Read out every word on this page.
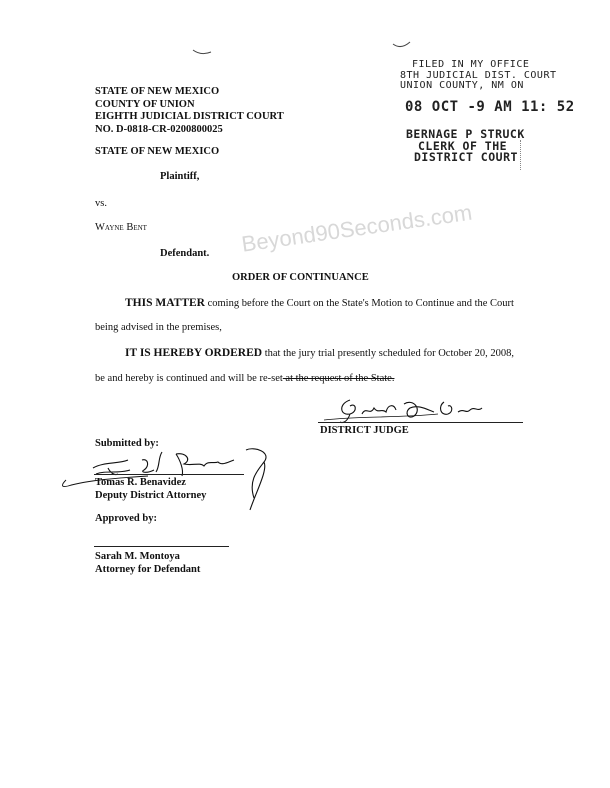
STATE OF NEW MEXICO
COUNTY OF UNION
EIGHTH JUDICIAL DISTRICT COURT
NO. D-0818-CR-0200800025
FILED IN MY OFFICE
8TH JUDICIAL DIST. COURT
UNION COUNTY, NM ON
08 OCT -9 AM 11: 52
BERNAGE P STRUCK
CLERK OF THE
DISTRICT COURT
Beyond90Seconds.com
STATE OF NEW MEXICO
Plaintiff,
vs.
Wayne Bent
Defendant.
ORDER OF CONTINUANCE
THIS MATTER coming before the Court on the State's Motion to Continue and the Court
being advised in the premises,
IT IS HEREBY ORDERED that the jury trial presently scheduled for October 20, 2008,
be and hereby is continued and will be re-set at the request of the State.
DISTRICT JUDGE
Submitted by:
Tomas R. Benavidez
Deputy District Attorney
Approved by:
Sarah M. Montoya
Attorney for Defendant
